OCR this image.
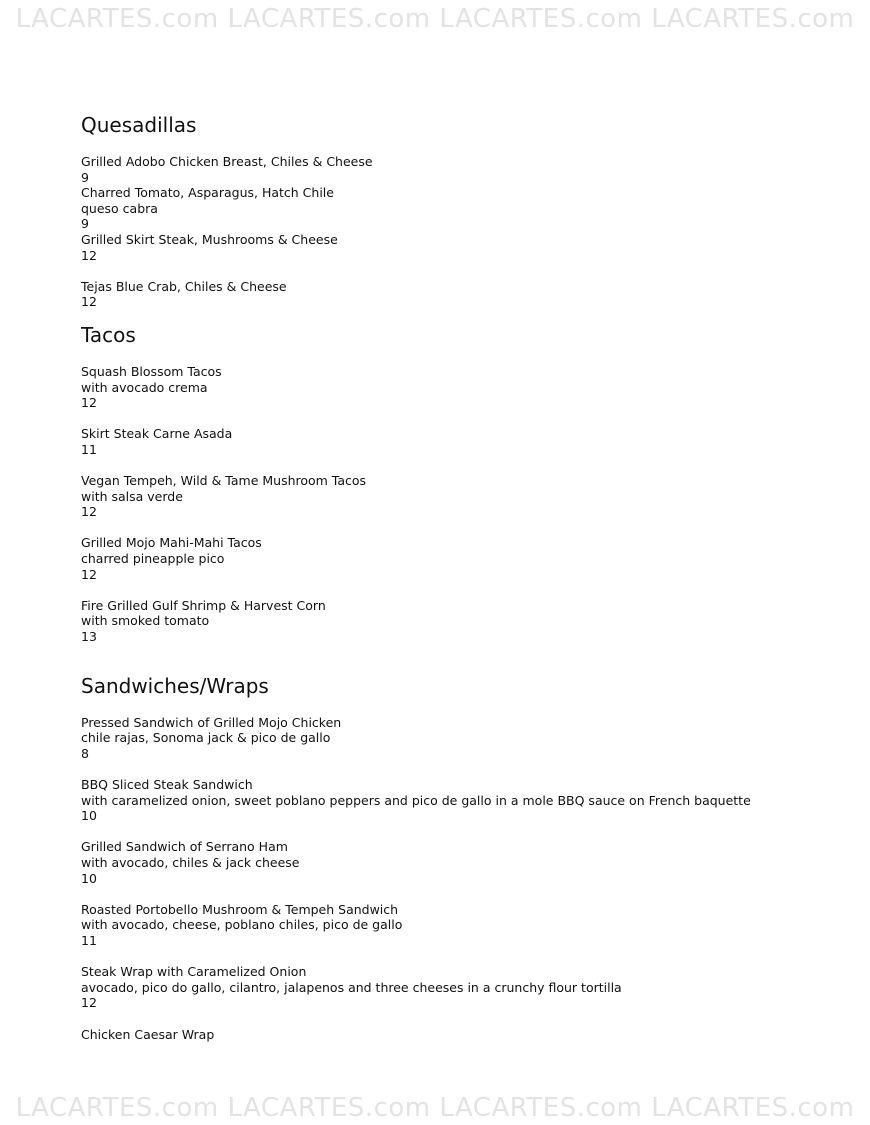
LACARTES.com LACARTES.com LACARTES.com LACARTES.com
LACARTES.com LACARTES.com LACARTES.com LACARTES.com
Quesadillas
Grilled Adobo Chicken Breast, Chiles & Cheese
9
Charred Tomato, Asparagus, Hatch Chile
queso cabra
9
Grilled Skirt Steak, Mushrooms & Cheese
12
Tejas Blue Crab, Chiles & Cheese
12
Tacos
Squash Blossom Tacos
with avocado crema
12
Skirt Steak Carne Asada
11
Vegan Tempeh, Wild & Tame Mushroom Tacos
with salsa verde
12
Grilled Mojo Mahi-Mahi Tacos
charred pineapple pico
12
Fire Grilled Gulf Shrimp & Harvest Corn
with smoked tomato
13
Sandwiches/Wraps
Pressed Sandwich of Grilled Mojo Chicken
chile rajas, Sonoma jack & pico de gallo
8
BBQ Sliced Steak Sandwich
with caramelized onion, sweet poblano peppers and pico de gallo in a mole BBQ sauce on French baquette
10
Grilled Sandwich of Serrano Ham
with avocado, chiles & jack cheese
10
Roasted Portobello Mushroom & Tempeh Sandwich
with avocado, cheese, poblano chiles, pico de gallo
11
Steak Wrap with Caramelized Onion
avocado, pico do gallo, cilantro, jalapenos and three cheeses in a crunchy flour tortilla
12
Chicken Caesar Wrap
